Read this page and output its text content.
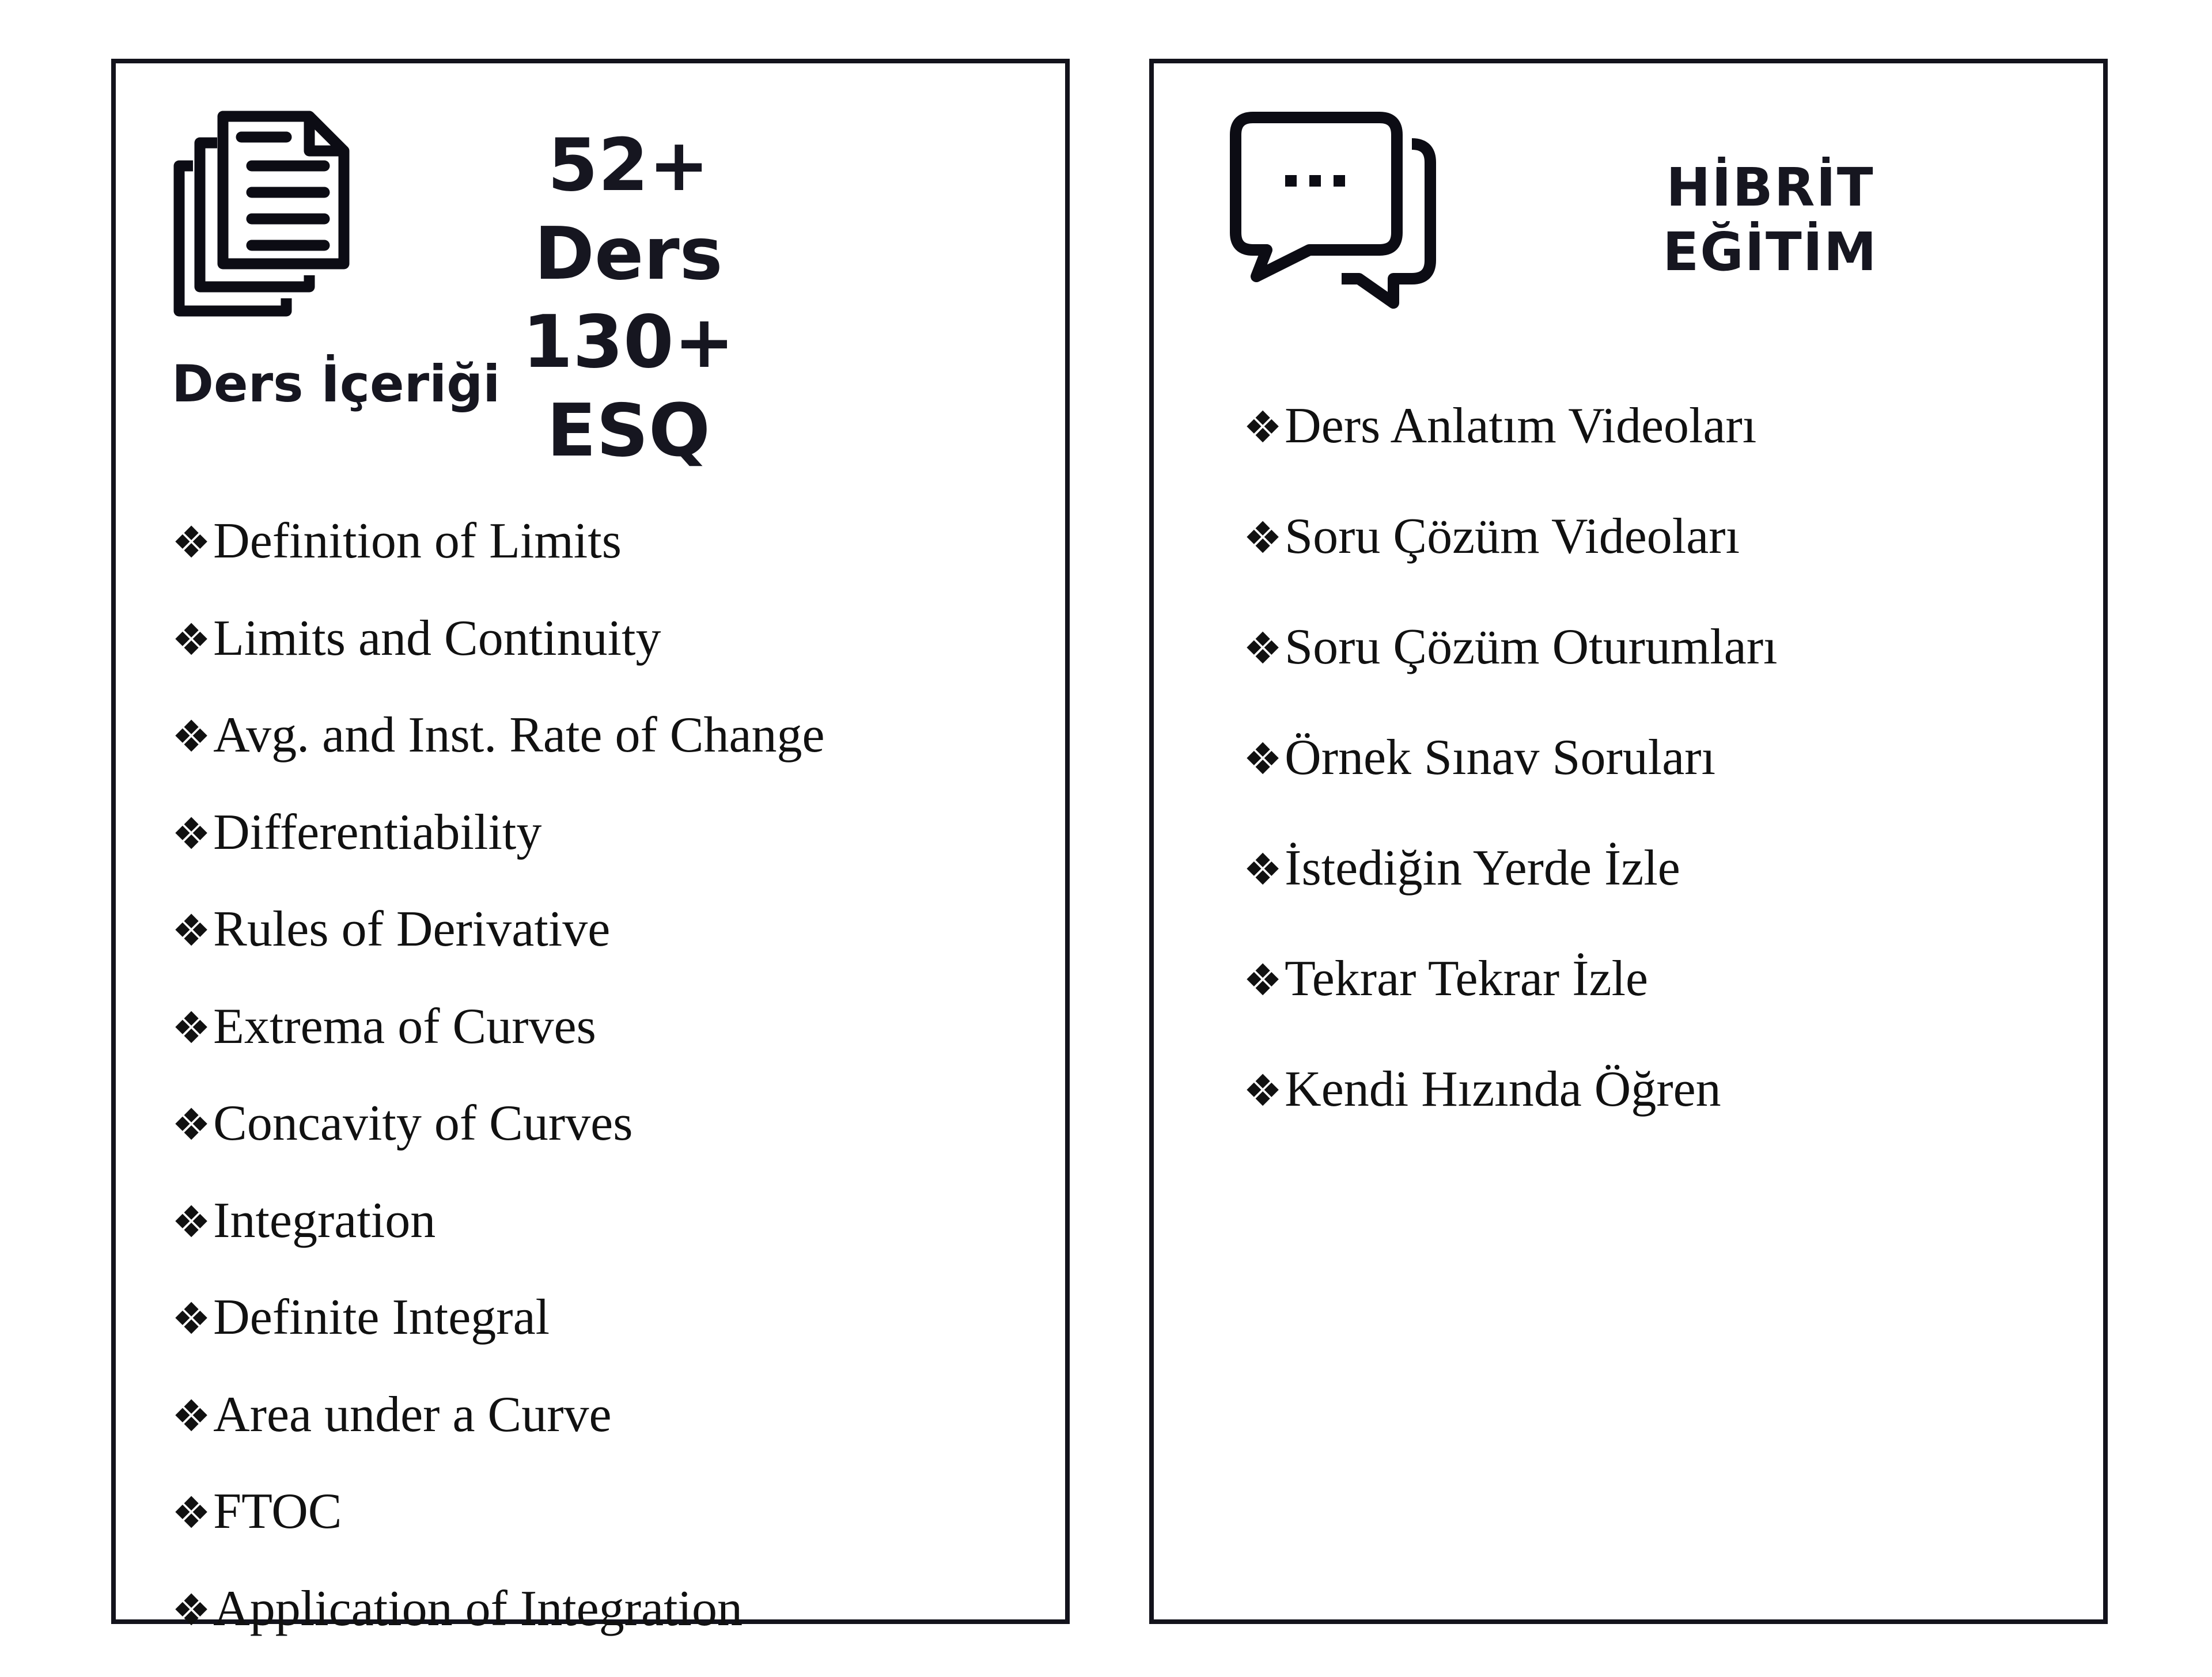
52+ Ders
130+ ESQ
Ders İçeriği
❖Definition of Limits
❖Limits and Continuity
❖Avg. and Inst. Rate of Change
❖Differentiability
❖Rules of Derivative
❖Extrema of Curves
❖Concavity of Curves
❖Integration
❖Definite Integral
❖Area under a Curve
❖FTOC
❖Application of Integration
HİBRİT EĞİTİM
❖Ders Anlatım Videoları
❖Soru Çözüm Videoları
❖Soru Çözüm Oturumları
❖Örnek Sınav Soruları
❖İstediğin Yerde İzle
❖Tekrar Tekrar İzle
❖Kendi Hızında Öğren
